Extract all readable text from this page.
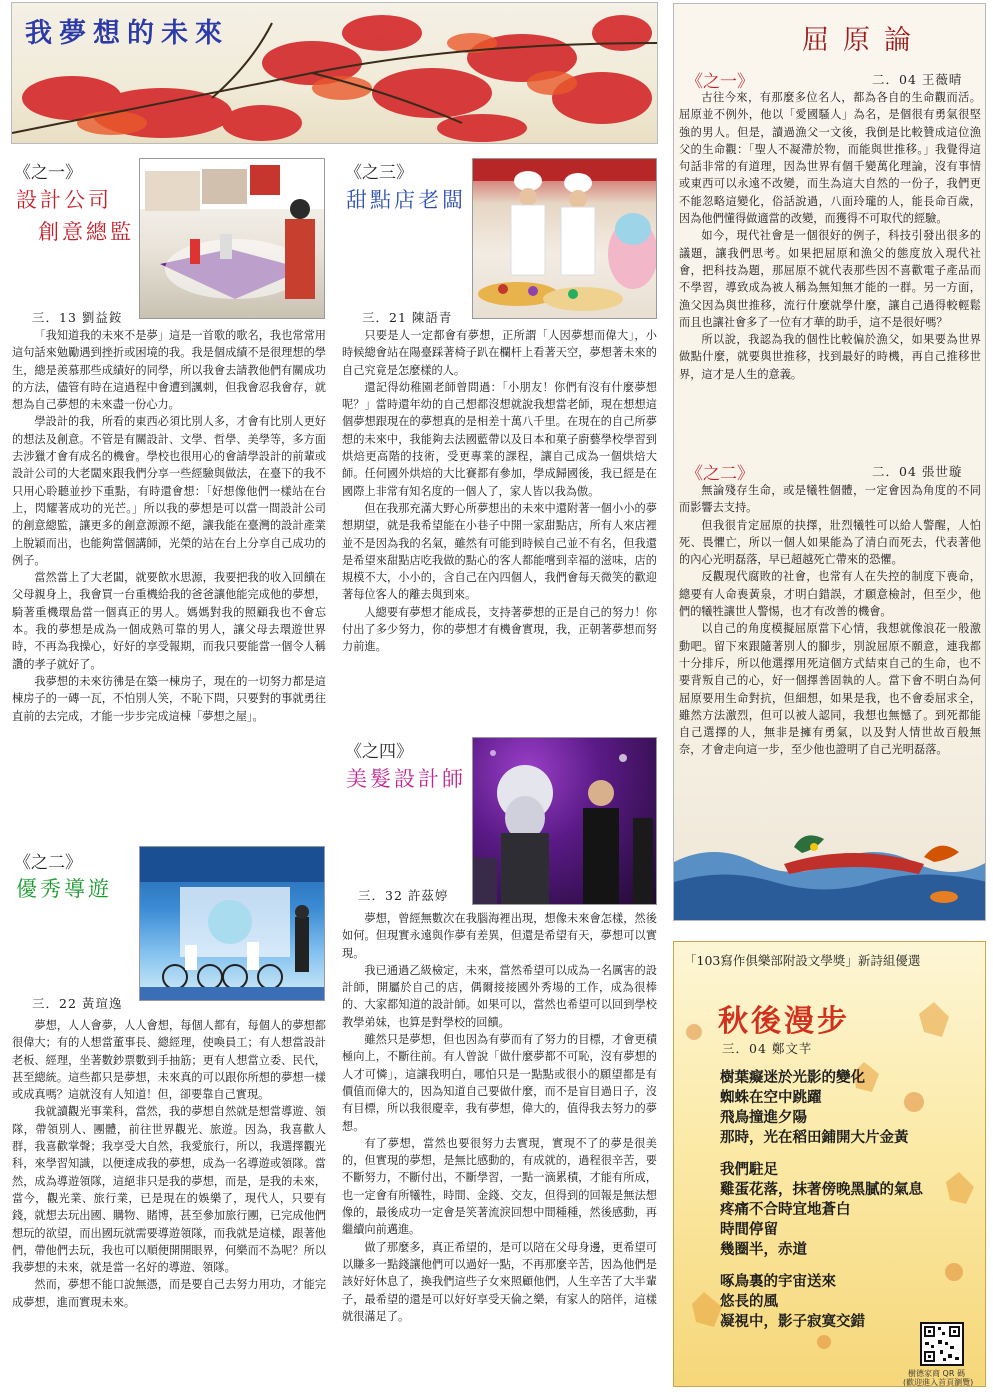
我夢想的未來
《之一》
設計公司
創意總監
三．13 劉益銨

「我知道我的未來不是夢」這是一首歌的歌名，我也常常用這句話來勉勵遇到挫折或困境的我。我是個成績不是很理想的學生，總是羨慕那些成績好的同學，所以我會去請教他們有關成功的方法，儘管有時在這過程中會遭到諷刺，但我會忍我會存，就想為自己夢想的未來盡一份心力。

學設計的我，所看的東西必須比別人多，才會有比別人更好的想法及創意。不管是有關設計、文學、哲學、美學等，多方面去涉獵才會有成名的機會。學校也很用心的會請學設計的前輩或設計公司的大老闆來跟我們分享一些經驗與做法，在臺下的我不只用心聆聽並抄下重點，有時還會想：「好想像他們一樣站在台上，閃耀著成功的光芒。」所以我的夢想是可以當一間設計公司的創意總監，讓更多的創意源源不絕，讓我能在臺灣的設計產業上脫穎而出，也能夠當個講師，光榮的站在台上分享自己成功的例子。

當然當上了大老闆，就要飲水思源，我要把我的收入回饋在父母親身上，我會買一台重機給我的爸爸讓他能完成他的夢想，騎著重機環島當一個真正的男人。媽媽對我的照顧我也不會忘本。我的夢想是成為一個成熟可靠的男人，讓父母去環遊世界時，不再為我操心，好好的享受報期，而我只要能當一個令人稱讚的孝子就好了。

我夢想的未來彷彿是在築一棟房子，現在的一切努力都是這棟房子的一磚一瓦，不怕別人笑，不恥下問，只要對的事就勇往直前的去完成，才能一步步完成這棟「夢想之屋」。

《之二》
優秀導遊
三．22 黃瑄逸

夢想，人人會夢，人人會想，每個人都有，每個人的夢想都很偉大；有的人想當董事長、總經理，使喚員工；有人想當設計老板、經理，坐著數鈔票數到手抽筋；更有人想當立委、民代，甚至總統。這些都只是夢想，未來真的可以跟你所想的夢想一樣或成真嗎？這就沒有人知道！但，卻要靠自己實現。

我就讀觀光事業科，當然，我的夢想自然就是想當導遊、領隊，帶領別人、團體，前往世界觀光、旅遊。因為，我喜歡人群，我喜歡掌聲；我享受大自然，我愛旅行，所以，我選擇觀光科，來學習知識，以便達成我的夢想，成為一名導遊或領隊。當然，成為導遊領隊，這絕非只是我的夢想，而是，是我的未來，當今，觀光業、旅行業，已是現在的娛樂了，現代人，只要有錢，就想去玩出國、購物、賭博，甚至參加旅行團，已完成他們想玩的欲望，而出國玩就需要導遊領隊，而我就是這樣，跟著他們，帶他們去玩，我也可以順便開開眼界，何樂而不為呢？所以我夢想的未來，就是當一名好的導遊、領隊。

然而，夢想不能口說無憑，而是要自己去努力用功，才能完成夢想，進而實現未來。

《之三》
甜點店老闆
三．21 陳語青

只要是人一定都會有夢想，正所謂「人因夢想而偉大」，小時候總會站在陽臺踩著椅子趴在欄杆上看著天空，夢想著未來的自己究竟是怎麼樣的人。

還記得幼稚園老師曾問過：「小朋友！你們有沒有什麼夢想呢？」當時還年幼的自己想都沒想就說我想當老師，現在想想這個夢想跟現在的夢想真的是相差十萬八千里。在現在的自己所夢想的未來中，我能夠去法國藍帶以及日本和菓子廚藝學校學習到烘焙更高階的技術，受更專業的課程，讓自己成為一個烘焙大師。任何國外烘焙的大比賽都有參加，學成歸國後，我已經是在國際上非常有知名度的一個人了，家人皆以我為傲。

但在我那充滿大野心所夢想出的未來中還附著一個小小的夢想期望，就是我希望能在小巷子中開一家甜點店，所有人來店裡並不是因為我的名氣，雖然有可能到時候自己並不有名，但我還是希望來甜點店吃我做的點心的客人都能嚐到幸福的滋味，店的規模不大，小小的，含自己在內四個人，我們會每天微笑的歡迎著每位客人的離去與到來。

人總要有夢想才能成長，支持著夢想的正是自己的努力！你付出了多少努力，你的夢想才有機會實現，我，正朝著夢想而努力前進。

《之四》
美髮設計師
三．32 許茲婷

夢想，曾經無數次在我腦海裡出現，想像未來會怎樣，然後如何。但現實永遠與作夢有差異，但還是希望有天，夢想可以實現。

我已通過乙級檢定，未來，當然希望可以成為一名厲害的設計師，開屬於自己的店，偶爾接接國外秀場的工作，成為很棒的、大家都知道的設計師。如果可以，當然也希望可以回到學校教學弟妹，也算是對學校的回饋。

雖然只是夢想，但也因為有夢而有了努力的目標，才會更積極向上，不斷往前。有人曾說「做什麼夢都不可恥，沒有夢想的人才可憐」，這讓我明白，哪怕只是一點點或很小的願望都是有價值而偉大的，因為知道自己要做什麼，而不是盲目過日子，沒有目標，所以我很慶幸，我有夢想，偉大的，值得我去努力的夢想。

有了夢想，當然也要很努力去實現，實現不了的夢是很美的，但實現的夢想，是無比感動的，有成就的，過程很辛苦，要不斷努力，不斷付出，不斷學習，一點一滴累積，才能有所成，也一定會有所犧牲，時間、金錢、交友，但得到的回報是無法想像的，最後成功一定會是笑著流淚回想中間種種，然後感動，再繼續向前邁進。

做了那麼多，真正希望的，是可以陪在父母身邊，更希望可以賺多一點錢讓他們可以過好一點，不再那麼辛苦，因為他們是該好好休息了，換我們這些子女來照顧他們，人生辛苦了大半輩子，最希望的還是可以好好享受天倫之樂，有家人的陪伴，這樣就很滿足了。

屈原論
《之一》	二．04 王薇晴

古往今來，有那麼多位名人，都為各自的生命觀而活。屈原並不例外，他以「愛國騷人」為名，是個很有勇氣很堅強的男人。但是，讀過漁父一文後，我倒是比較贊成這位漁父的生命觀：「聖人不凝滯於物，而能與世推移。」我覺得這句話非常的有道理，因為世界有個千變萬化理論，沒有事情或東西可以永遠不改變，而生為這大自然的一份子，我們更不能忽略這變化，俗話說過，八面玲瓏的人，能長命百歲，因為他們懂得做適當的改變，而獲得不可取代的經驗。

如今，現代社會是一個很好的例子，科技引發出很多的議題，讓我們思考。如果把屈原和漁父的態度放入現代社會，把科技為題，那屈原不就代表那些因不喜歡電子產品而不學習，導致成為被人稱為無知無才能的一群。另一方面，漁父因為與世推移，流行什麼就學什麼，讓自己過得較輕鬆而且也讓社會多了一位有才華的助手，這不是很好嗎？

所以說，我認為我的個性比較偏於漁父，如果要為世界做點什麼，就要與世推移，找到最好的時機，再自己推移世界，這才是人生的意義。

《之二》	二．04 張世璇

無論殘存生命，或是犧牲個體，一定會因為角度的不同而影響去支持。

但我很肯定屈原的抉擇，壯烈犧牲可以給人警醒，人怕死、畏懼亡，所以一個人如果能為了清白而死去，代表著他的內心光明磊落，早已超越死亡帶來的恐懼。

反觀現代腐敗的社會，也常有人在失控的制度下喪命，總要有人命喪黃泉，才明白錯誤，才願意檢討，但至少，他們的犧牲讓世人警惕，也才有改善的機會。

以自己的角度模擬屈原當下心情，我想就像浪花一般激動吧。留下來跟隨著別人的腳步，別說屈原不願意，連我都十分排斥，所以他選擇用死這個方式結束自己的生命，也不要背叛自己的心，好一個擇善固執的人。當下會不明白為何屈原要用生命對抗，但細想，如果是我，也不會委屈求全，雖然方法激烈，但可以被人認同，我想也無憾了。到死都能自己選擇的人，無非是擁有勇氣，以及對人情世故百般無奈，才會走向這一步，至少他也證明了自己光明磊落。

「103寫作俱樂部附設文學獎」新詩組優選
秋後漫步
三．04 鄭文芊
樹葉癡迷於光影的變化
蜘蛛在空中跳躍
飛鳥撞進夕陽
那時，光在稻田鋪開大片金黃
我們駐足
雞蛋花落，抹著傍晚黑膩的氣息
疼痛不合時宜地蒼白
時間停留
幾圈半，赤道
啄鳥裏的宇宙送來
悠長的風
凝視中，影子寂寞交錯
樹德家商 QR 碼
(歡迎進入首頁瀏覽)
